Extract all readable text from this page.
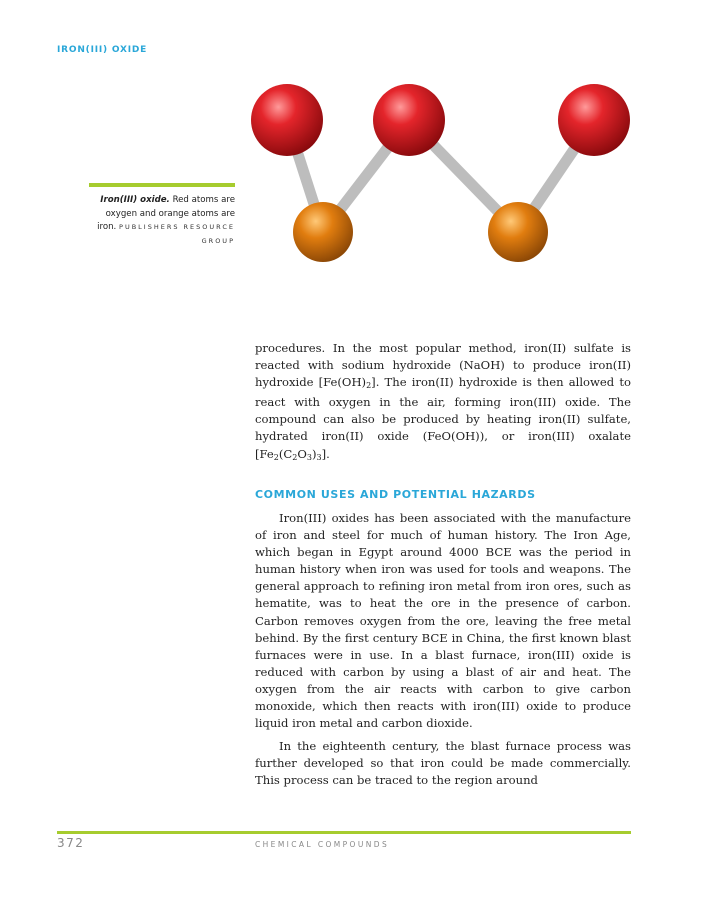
IRON(III) OXIDE
Iron(III) oxide. Red atoms are oxygen and orange atoms are iron. PUBLISHERS RESOURCE GROUP

procedures. In the most popular method, iron(II) sulfate is reacted with sodium hydroxide (NaOH) to produce iron(II) hydroxide $[Fe(OH)_2]$. The iron(II) hydroxide is then allowed to react with oxygen in the air, forming iron(III) oxide. The compound can also be produced by heating iron(II) sulfate, hydrated iron(II) oxide (FeO(OH)), or iron(III) oxalate $[Fe_2(C_2O_3)_3]$.

COMMON USES AND POTENTIAL HAZARDS

Iron(III) oxides has been associated with the manufacture of iron and steel for much of human history. The Iron Age, which began in Egypt around 4000 BCE was the period in human history when iron was used for tools and weapons. The general approach to refining iron metal from iron ores, such as hematite, was to heat the ore in the presence of carbon. Carbon removes oxygen from the ore, leaving the free metal behind. By the first century BCE in China, the first known blast furnaces were in use. In a blast furnace, iron(III) oxide is reduced with carbon by using a blast of air and heat. The oxygen from the air reacts with carbon to give carbon monoxide, which then reacts with iron(III) oxide to produce liquid iron metal and carbon dioxide.

In the eighteenth century, the blast furnace process was further developed so that iron could be made commercially. This process can be traced to the region around

372	CHEMICAL COMPOUNDS
